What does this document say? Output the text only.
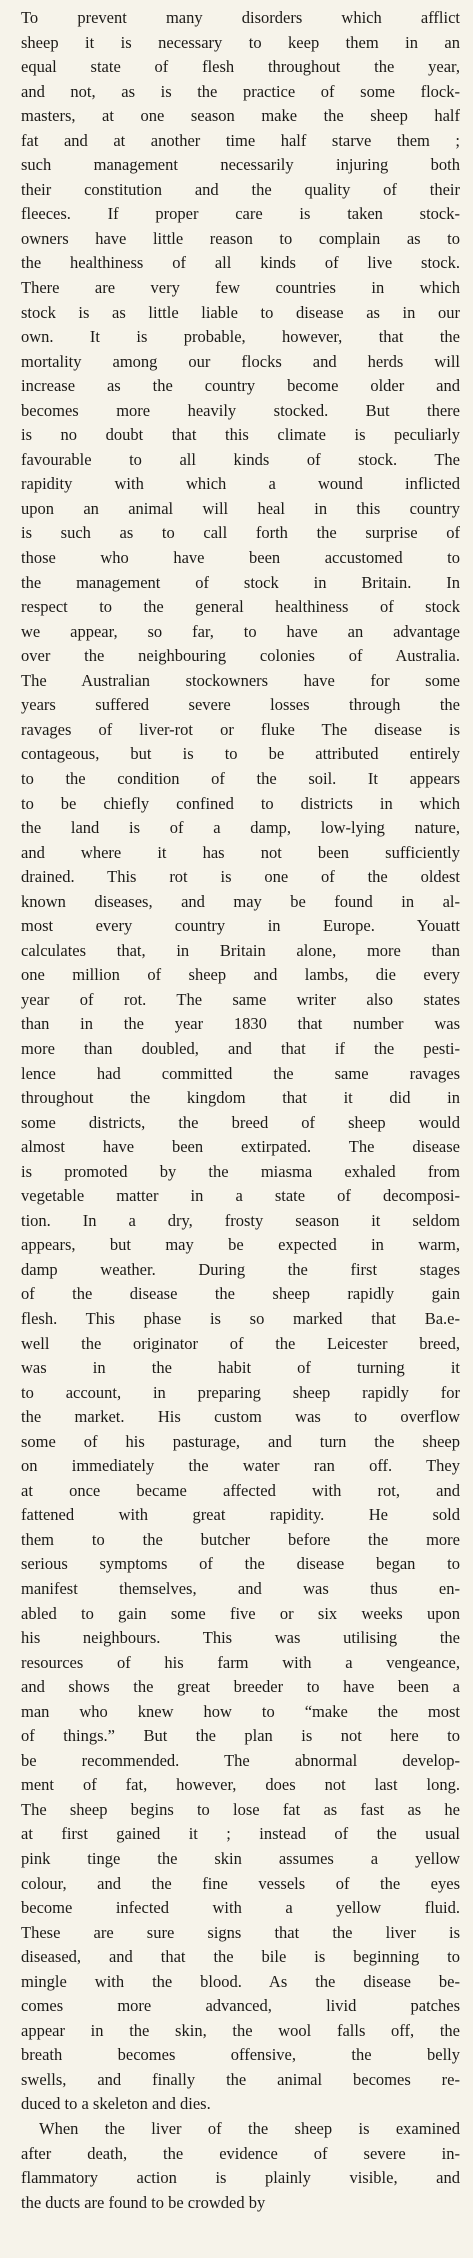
To prevent many disorders which afflict
sheep it is necessary to keep them in an
equal state of flesh throughout the year,
and not, as is the practice of some flock-
masters, at one season make the sheep half
fat and at another time half starve them ;
such management necessarily injuring both
their constitution and the quality of their
fleeces. If proper care is taken stock-
owners have little reason to complain as to
the healthiness of all kinds of live stock.
There are very few countries in which
stock is as little liable to disease as in our
own. It is probable, however, that the
mortality among our flocks and herds will
increase as the country become older and
becomes more heavily stocked. But there
is no doubt that this climate is peculiarly
favourable to all kinds of stock. The
rapidity with which a wound inflicted
upon an animal will heal in this country
is such as to call forth the surprise of
those who have been accustomed to
the management of stock in Britain. In
respect to the general healthiness of stock
we appear, so far, to have an advantage
over the neighbouring colonies of Australia.
The Australian stockowners have for some
years suffered severe losses through the
ravages of liver-rot or fluke The disease is
contageous, but is to be attributed entirely
to the condition of the soil. It appears
to be chiefly confined to districts in which
the land is of a damp, low-lying nature,
and where it has not been sufficiently
drained. This rot is one of the oldest
known diseases, and may be found in al-
most every country in Europe. Youatt
calculates that, in Britain alone, more than
one million of sheep and lambs, die every
year of rot. The same writer also states
than in the year 1830 that number was
more than doubled, and that if the pesti-
lence had committed the same ravages
throughout the kingdom that it did in
some districts, the breed of sheep would
almost have been extirpated. The disease
is promoted by the miasma exhaled from
vegetable matter in a state of decomposi-
tion. In a dry, frosty season it seldom
appears, but may be expected in warm,
damp weather. During the first stages
of the disease the sheep rapidly gain
flesh. This phase is so marked that Ba.e-
well the originator of the Leicester breed,
was in the habit of turning it
to account, in preparing sheep rapidly for
the market. His custom was to overflow
some of his pasturage, and turn the sheep
on immediately the water ran off. They
at once became affected with rot, and
fattened with great rapidity. He sold
them to the butcher before the more
serious symptoms of the disease began to
manifest themselves, and was thus en-
abled to gain some five or six weeks upon
his neighbours. This was utilising the
resources of his farm with a vengeance,
and shows the great breeder to have been a
man who knew how to “make the most
of things.” But the plan is not here to
be recommended. The abnormal develop-
ment of fat, however, does not last long.
The sheep begins to lose fat as fast as he
at first gained it ; instead of the usual
pink tinge the skin assumes a yellow
colour, and the fine vessels of the eyes
become infected with a yellow fluid.
These are sure signs that the liver is
diseased, and that the bile is beginning to
mingle with the blood. As the disease be-
comes more advanced, livid patches
appear in the skin, the wool falls off, the
breath becomes offensive, the belly
swells, and finally the animal becomes re-
duced to a skeleton and dies.
When the liver of the sheep is examined
after death, the evidence of severe in-
flammatory action is plainly visible, and
the ducts are found to be crowded by
